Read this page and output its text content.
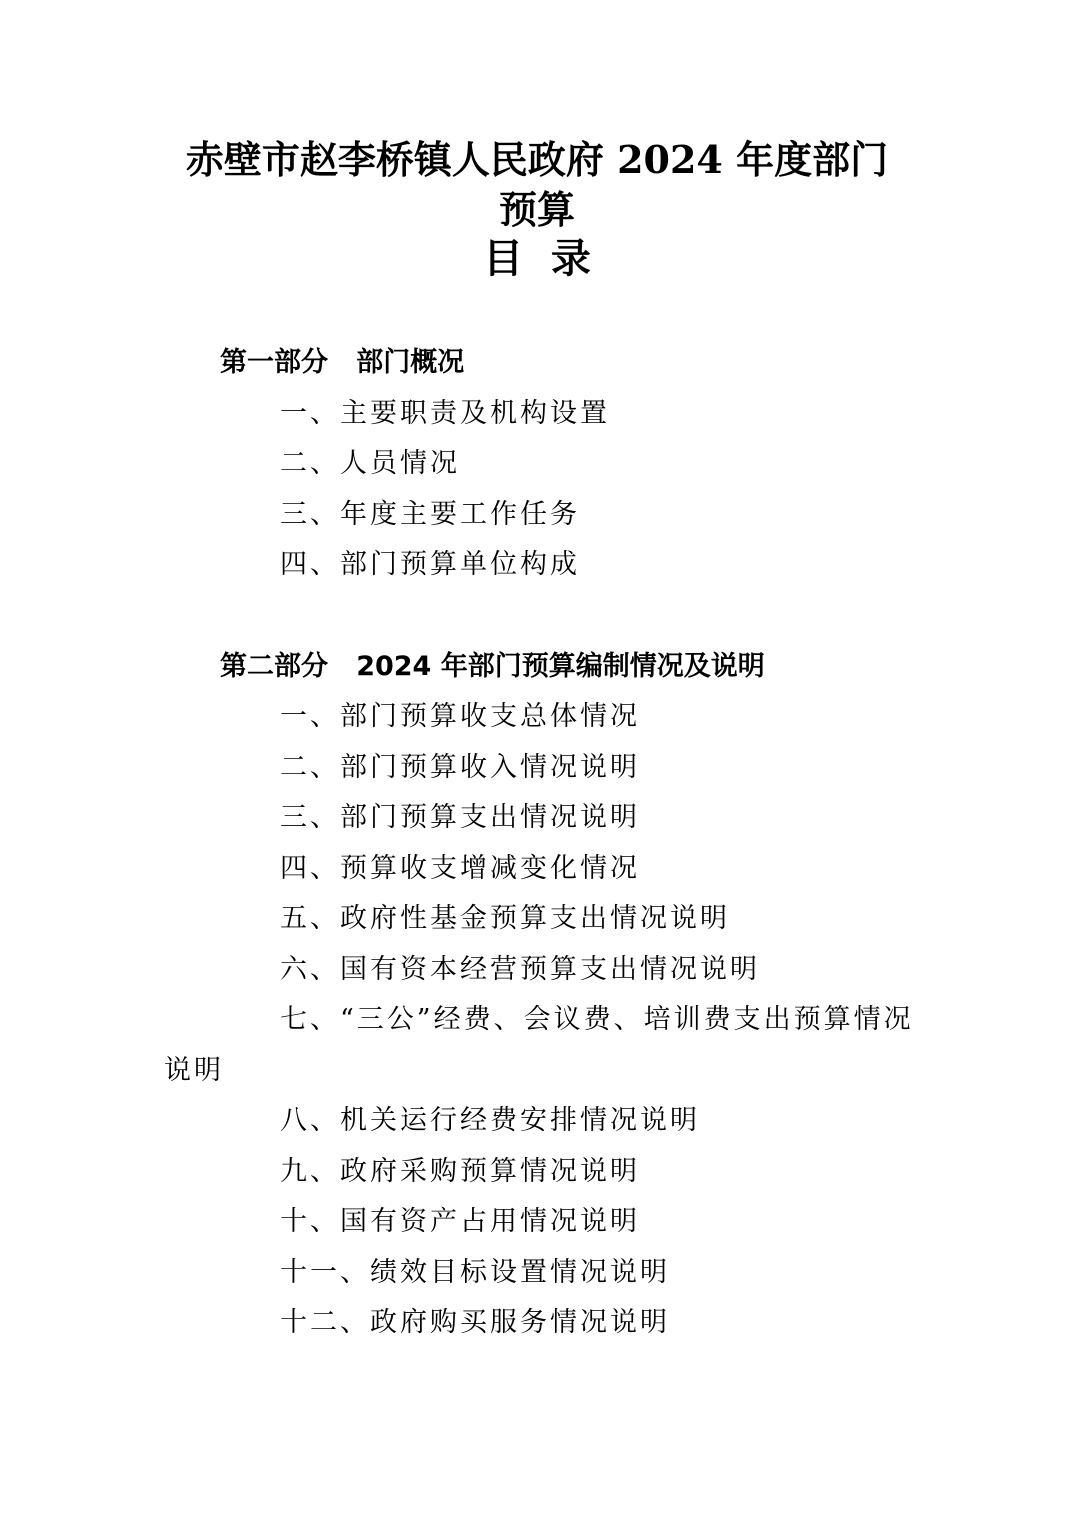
赤壁市赵李桥镇人民政府 2024 年度部门
预算
目  录
第一部分   部门概况
一、主要职责及机构设置
二、人员情况
三、年度主要工作任务
四、部门预算单位构成
第二部分   2024 年部门预算编制情况及说明
一、部门预算收支总体情况
二、部门预算收入情况说明
三、部门预算支出情况说明
四、预算收支增减变化情况
五、政府性基金预算支出情况说明
六、国有资本经营预算支出情况说明
七、“三公”经费、会议费、培训费支出预算情况
说明
八、机关运行经费安排情况说明
九、政府采购预算情况说明
十、国有资产占用情况说明
十一、绩效目标设置情况说明
十二、政府购买服务情况说明
